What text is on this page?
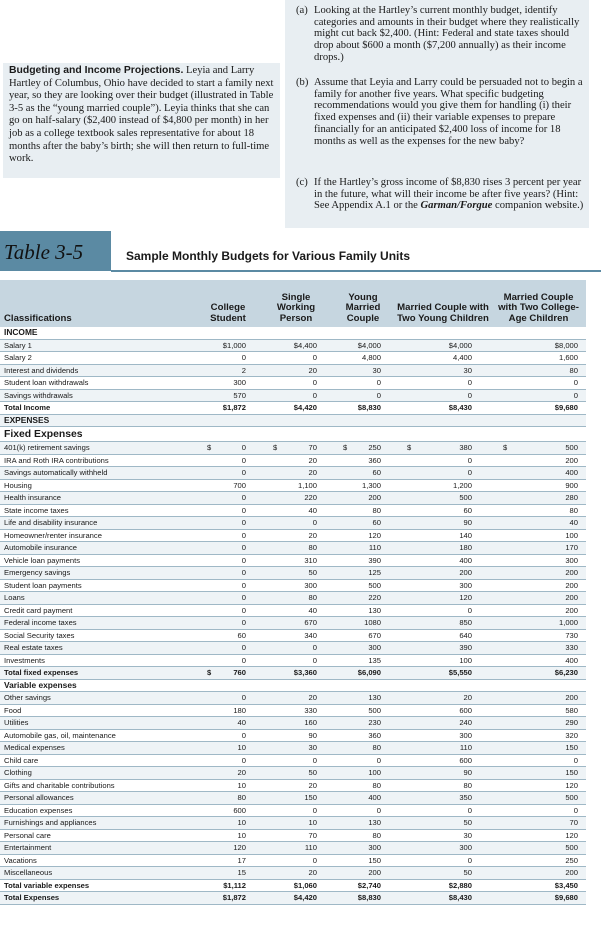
Budgeting and Income Projections. Leyia and Larry Hartley of Columbus, Ohio have decided to start a family next year, so they are looking over their budget (illustrated in Table 3-5 as the “young married couple”). Leyia thinks that she can go on half-salary ($2,400 instead of $4,800 per month) in her job as a college textbook sales representative for about 18 months after the baby’s birth; she will then return to full-time work.
(a) Looking at the Hartley’s current monthly budget, identify categories and amounts in their budget where they realistically might cut back $2,400. (Hint: Federal and state taxes should drop about $600 a month ($7,200 annually) as their income drops.)
(b) Assume that Leyia and Larry could be persuaded not to begin a family for another five years. What specific budgeting recommendations would you give them for handling (i) their fixed expenses and (ii) their variable expenses to prepare financially for an anticipated $2,400 loss of income for 18 months as well as the expenses for the new baby?
(c) If the Hartley’s gross income of $8,830 rises 3 percent per year in the future, what will their income be after five years? (Hint: See Appendix A.1 or the Garman/Forgue companion website.)
Table 3-5	Sample Monthly Budgets for Various Family Units
Classifications	College Student	Single Working Person	Young Married Couple	Married Couple with Two Young Children	Married Couple with Two College-Age Children
INCOME					
Salary 1	$1,000	$4,400	$4,000	$4,000	$8,000
Salary 2	0	0	4,800	4,400	1,600
Interest and dividends	2	20	30	30	80
Student loan withdrawals	300	0	0	0	0
Savings withdrawals	570	0	0	0	0
Total Income	$1,872	$4,420	$8,830	$8,430	$9,680
EXPENSES					
Fixed Expenses					
401(k) retirement savings	$ 0	$ 70	$ 250	$ 380	$ 500
IRA and Roth IRA contributions	0	20	360	0	200
Savings automatically withheld	0	20	60	0	400
Housing	700	1,100	1,300	1,200	900
Health insurance	0	220	200	500	280
State income taxes	0	40	80	60	80
Life and disability insurance	0	0	60	90	40
Homeowner/renter insurance	0	20	120	140	100
Automobile insurance	0	80	110	180	170
Vehicle loan payments	0	310	390	400	300
Emergency savings	0	50	125	200	200
Student loan payments	0	300	500	300	200
Loans	0	80	220	120	200
Credit card payment	0	40	130	0	200
Federal income taxes	0	670	1080	850	1,000
Social Security taxes	60	340	670	640	730
Real estate taxes	0	0	300	390	330
Investments	0	0	135	100	400
Total fixed expenses	$ 760	$3,360	$6,090	$5,550	$6,230
Variable expenses					
Other savings	0	20	130	20	200
Food	180	330	500	600	580
Utilities	40	160	230	240	290
Automobile gas, oil, maintenance	0	90	360	300	320
Medical expenses	10	30	80	110	150
Child care	0	0	0	600	0
Clothing	20	50	100	90	150
Gifts and charitable contributions	10	20	80	80	120
Personal allowances	80	150	400	350	500
Education expenses	600	0	0	0	0
Furnishings and appliances	10	10	130	50	70
Personal care	10	70	80	30	120
Entertainment	120	110	300	300	500
Vacations	17	0	150	0	250
Miscellaneous	15	20	200	50	200
Total variable expenses	$1,112	$1,060	$2,740	$2,880	$3,450
Total Expenses	$1,872	$4,420	$8,830	$8,430	$9,680
